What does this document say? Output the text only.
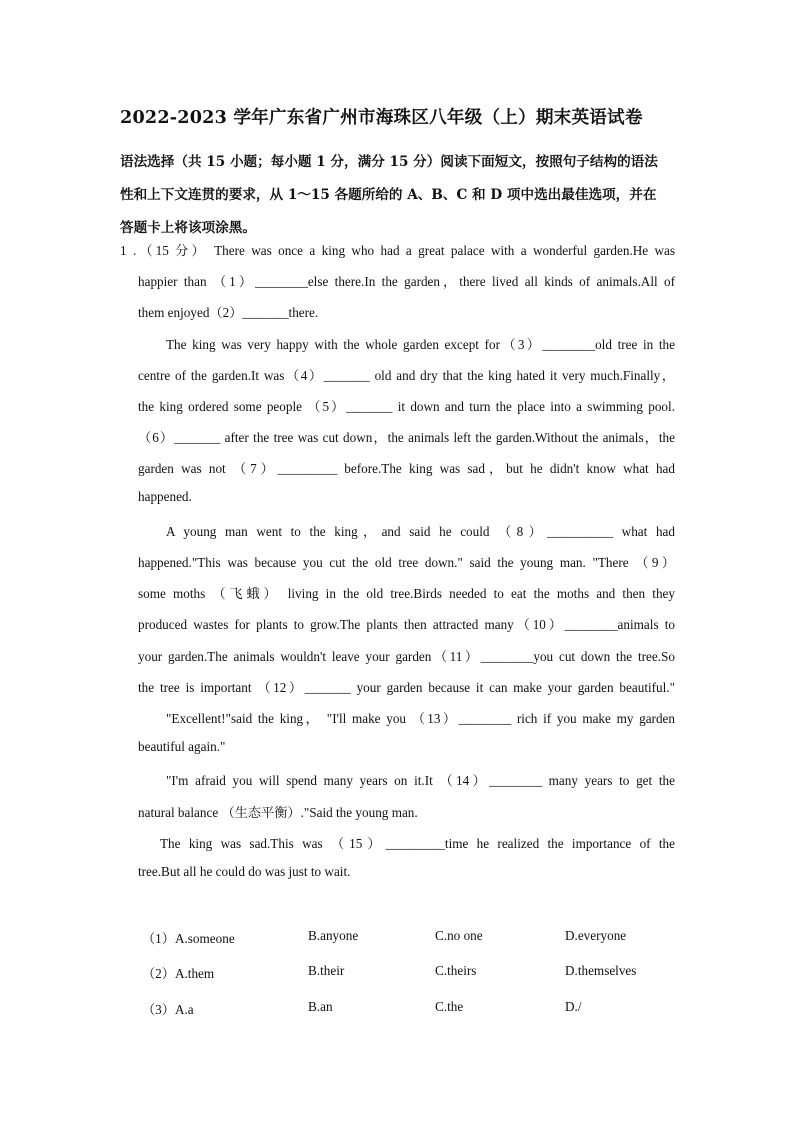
2022-2023 学年广东省广州市海珠区八年级（上）期末英语试卷
语法选择（共 15 小题；每小题 1 分，满分 15 分）阅读下面短文，按照句子结构的语法
性和上下文连贯的要求，从 1～15 各题所给的 A、B、C 和 D 项中选出最佳选项，并在
答题卡上将该项涂黑。
1 .（15 分） There was once a king who had a great palace with a wonderful garden.He was
happier than （1）________else there.In the garden，there lived all kinds of animals.All of
them enjoyed（2）_______there.
The king was very happy with the whole garden except for（3）________old tree in the
centre of the garden.It was（4）_______ old and dry that the king hated it very much.Finally，
the king ordered some people （5）_______ it down and turn the place into a swimming pool.
（6）_______ after the tree was cut down，the animals left the garden.Without the animals，the
garden was not （7）_________ before.The king was sad，but he didn't know what had
happened.
A young man went to the king，and said he could （8）__________ what had
happened."This was because you cut the old tree down." said the young man. "There （9）
some moths （飞蛾） living in the old tree.Birds needed to eat the moths and then they
produced wastes for plants to grow.The plants then attracted many（10）________animals to
your garden.The animals wouldn't leave your garden（11）________you cut down the tree.So
the tree is important （12）_______ your garden because it can make your garden beautiful."
"Excellent!"said the king， "I'll make you （13）________ rich if you make my garden
beautiful again."
"I'm afraid you will spend many years on it.It （14）________ many years to get the
natural balance （生态平衡）."Said the young man.
The king was sad.This was （15）_________time he realized the importance of the
tree.But all he could do was just to wait.
（1）A.someone	B.anyone	C.no one	D.everyone
（2）A.them	B.their	C.theirs	D.themselves
（3）A.a	B.an	C.the	D./
